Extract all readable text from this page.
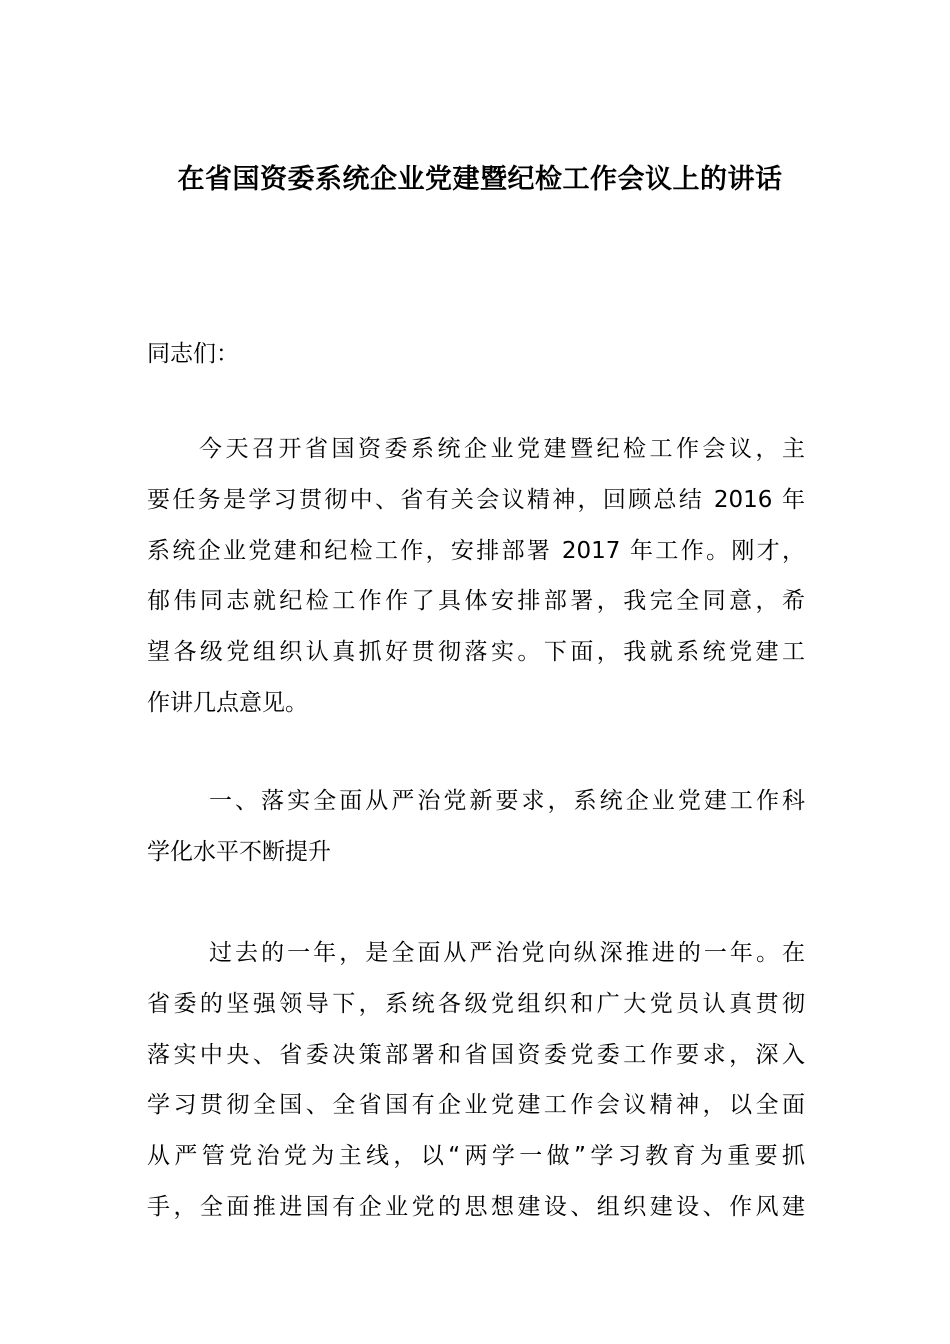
在省国资委系统企业党建暨纪检工作会议上的讲话
同志们：
今天召开省国资委系统企业党建暨纪检工作会议，主
要任务是学习贯彻中、省有关会议精神，回顾总结 2016 年
系统企业党建和纪检工作，安排部署 2017 年工作。刚才，
郁伟同志就纪检工作作了具体安排部署，我完全同意，希
望各级党组织认真抓好贯彻落实。下面，我就系统党建工
作讲几点意见。
一、落实全面从严治党新要求，系统企业党建工作科
学化水平不断提升
过去的一年，是全面从严治党向纵深推进的一年。在
省委的坚强领导下，系统各级党组织和广大党员认真贯彻
落实中央、省委决策部署和省国资委党委工作要求，深入
学习贯彻全国、全省国有企业党建工作会议精神，以全面
从严管党治党为主线，以“两学一做”学习教育为重要抓
手，全面推进国有企业党的思想建设、组织建设、作风建
